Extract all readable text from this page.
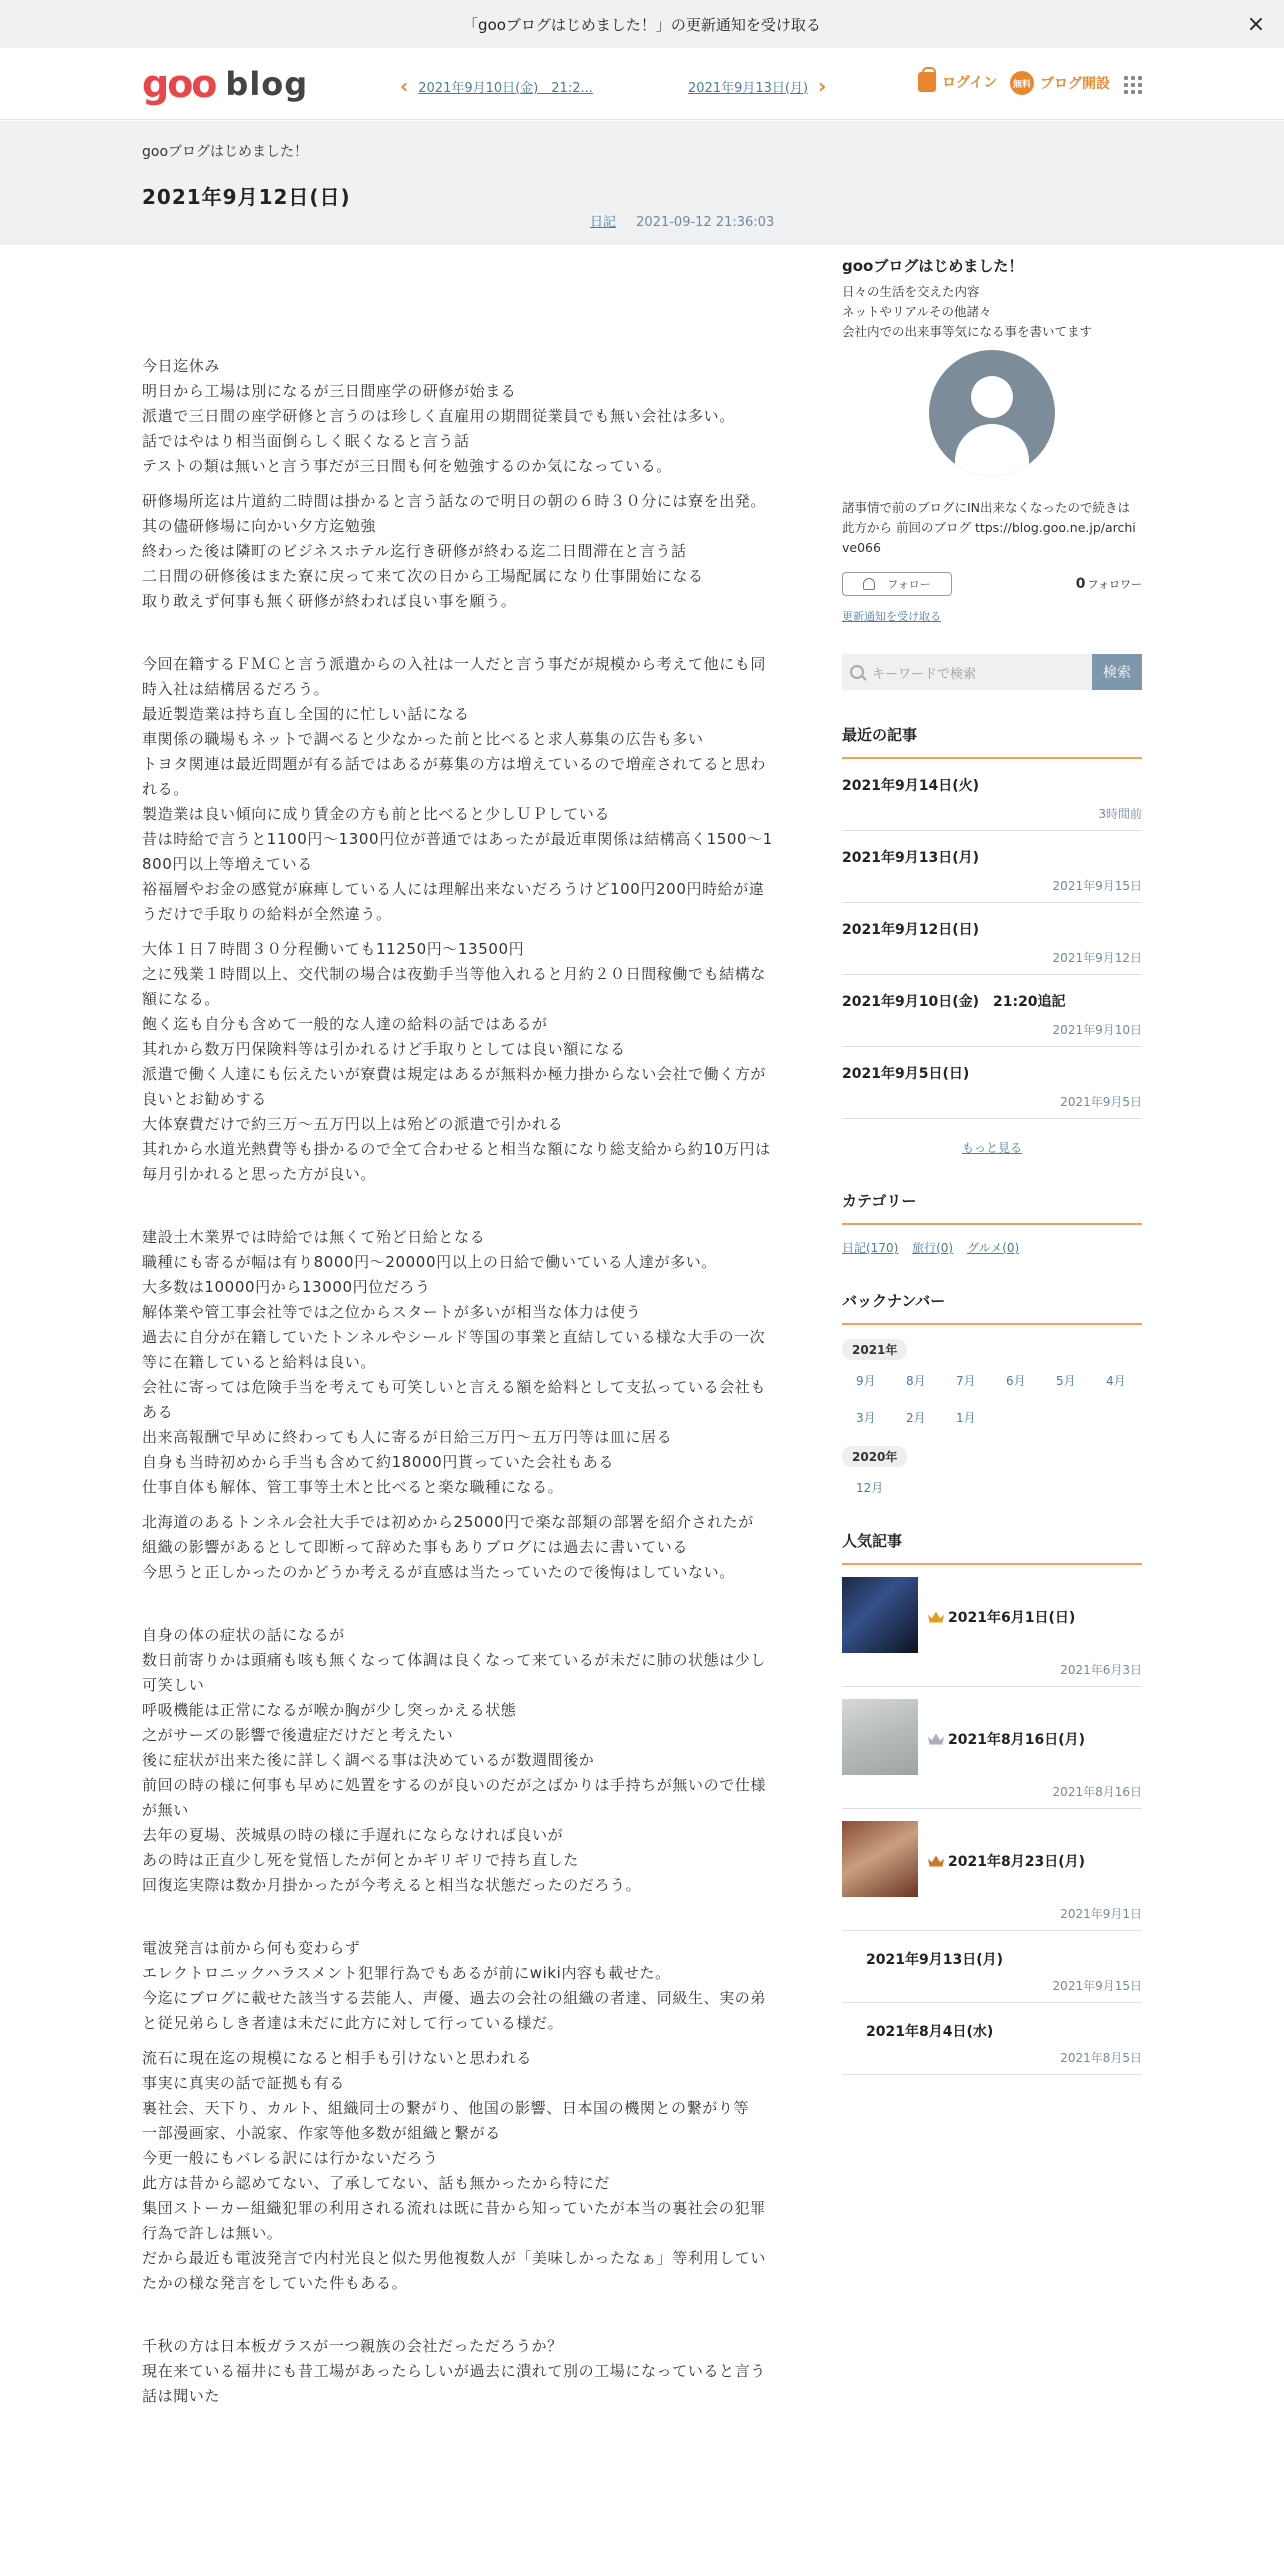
「gooブログはじめました！」の更新通知を受け取る	×
goo blog	‹ 2021年9月10日(金)　21:2...	2021年9月13日(月) ›	ログイン	無料 ブログ開設
gooブログはじめました！
2021年9月12日(日)
日記 2021-09-12 21:36:03

今日迄休み
明日から工場は別になるが三日間座学の研修が始まる
派遣で三日間の座学研修と言うのは珍しく直雇用の期間従業員でも無い会社は多い。
話ではやはり相当面倒らしく眠くなると言う話
テストの類は無いと言う事だが三日間も何を勉強するのか気になっている。

研修場所迄は片道約二時間は掛かると言う話なので明日の朝の６時３０分には寮を出発。
其の儘研修場に向かい夕方迄勉強
終わった後は隣町のビジネスホテル迄行き研修が終わる迄二日間滞在と言う話
二日間の研修後はまた寮に戻って来て次の日から工場配属になり仕事開始になる
取り敢えず何事も無く研修が終われば良い事を願う。

今回在籍するＦＭＣと言う派遣からの入社は一人だと言う事だが規模から考えて他にも同時入社は結構居るだろう。
最近製造業は持ち直し全国的に忙しい話になる
車関係の職場もネットで調べると少なかった前と比べると求人募集の広告も多い
トヨタ関連は最近問題が有る話ではあるが募集の方は増えているので増産されてると思われる。
製造業は良い傾向に成り賃金の方も前と比べると少しＵＰしている
昔は時給で言うと1100円～1300円位が普通ではあったが最近車関係は結構高く1500～1800円以上等増えている
裕福層やお金の感覚が麻痺している人には理解出来ないだろうけど100円200円時給が違うだけで手取りの給料が全然違う。

大体１日７時間３０分程働いても11250円～13500円
之に残業１時間以上、交代制の場合は夜勤手当等他入れると月約２０日間稼働でも結構な額になる。
飽く迄も自分も含めて一般的な人達の給料の話ではあるが
其れから数万円保険料等は引かれるけど手取りとしては良い額になる
派遣で働く人達にも伝えたいが寮費は規定はあるが無料か極力掛からない会社で働く方が良いとお勧めする
大体寮費だけで約三万～五万円以上は殆どの派遣で引かれる
其れから水道光熱費等も掛かるので全て合わせると相当な額になり総支給から約10万円は毎月引かれると思った方が良い。

建設土木業界では時給では無くて殆ど日給となる
職種にも寄るが幅は有り8000円～20000円以上の日給で働いている人達が多い。
大多数は10000円から13000円位だろう
解体業や管工事会社等では之位からスタートが多いが相当な体力は使う
過去に自分が在籍していたトンネルやシールド等国の事業と直結している様な大手の一次等に在籍していると給料は良い。
会社に寄っては危険手当を考えても可笑しいと言える額を給料として支払っている会社もある
出来高報酬で早めに終わっても人に寄るが日給三万円～五万円等は皿に居る
自身も当時初めから手当も含めて約18000円貰っていた会社もある
仕事自体も解体、管工事等土木と比べると楽な職種になる。

北海道のあるトンネル会社大手では初めから25000円で楽な部類の部署を紹介されたが
組織の影響があるとして即断って辞めた事もありブログには過去に書いている
今思うと正しかったのかどうか考えるが直感は当たっていたので後悔はしていない。

自身の体の症状の話になるが
数日前寄りかは頭痛も咳も無くなって体調は良くなって来ているが未だに肺の状態は少し可笑しい
呼吸機能は正常になるが喉か胸が少し突っかえる状態
之がサーズの影響で後遺症だけだと考えたい
後に症状が出来た後に詳しく調べる事は決めているが数週間後か
前回の時の様に何事も早めに処置をするのが良いのだが之ばかりは手持ちが無いので仕様が無い
去年の夏場、茨城県の時の様に手遅れにならなければ良いが
あの時は正直少し死を覚悟したが何とかギリギリで持ち直した
回復迄実際は数か月掛かったが今考えると相当な状態だったのだろう。

電波発言は前から何も変わらず
エレクトロニックハラスメント犯罪行為でもあるが前にwiki内容も載せた。
今迄にブログに載せた該当する芸能人、声優、過去の会社の組織の者達、同級生、実の弟と従兄弟らしき者達は未だに此方に対して行っている様だ。

流石に現在迄の規模になると相手も引けないと思われる
事実に真実の話で証拠も有る
裏社会、天下り、カルト、組織同士の繋がり、他国の影響、日本国の機関との繋がり等
一部漫画家、小説家、作家等他多数が組織と繋がる
今更一般にもバレる訳には行かないだろう
此方は昔から認めてない、了承してない、話も無かったから特にだ
集団ストーカー組織犯罪の利用される流れは既に昔から知っていたが本当の裏社会の犯罪行為で許しは無い。
だから最近も電波発言で内村光良と似た男他複数人が「美味しかったなぁ」等利用していたかの様な発言をしていた件もある。

千秋の方は日本板ガラスが一つ親族の会社だっただろうか？
現在来ている福井にも昔工場があったらしいが過去に潰れて別の工場になっていると言う話は聞いた

gooブログはじめました！
日々の生活を交えた内容
ネットやリアルその他諸々
会社内での出来事等気になる事を書いてます
諸事情で前のブログにIN出来なくなったので続きは此方から 前回のブログ ttps://blog.goo.ne.jp/archive066
フォロー	0 フォロワー
更新通知を受け取る
キーワードで検索	検索
最近の記事
2021年9月14日(火)
3時間前
2021年9月13日(月)
2021年9月15日
2021年9月12日(日)
2021年9月12日
2021年9月10日(金)　21:20追記
2021年9月10日
2021年9月5日(日)
2021年9月5日
もっと見る
カテゴリー
日記(170) 旅行(0) グルメ(0)
バックナンバー
2021年
9月	8月	7月	6月	5月	4月
3月	2月	1月
2020年
12月
人気記事
2021年6月1日(日)
2021年6月3日
2021年8月16日(月)
2021年8月16日
2021年8月23日(月)
2021年9月1日
2021年9月13日(月)
2021年9月15日
2021年8月4日(水)
2021年8月5日
